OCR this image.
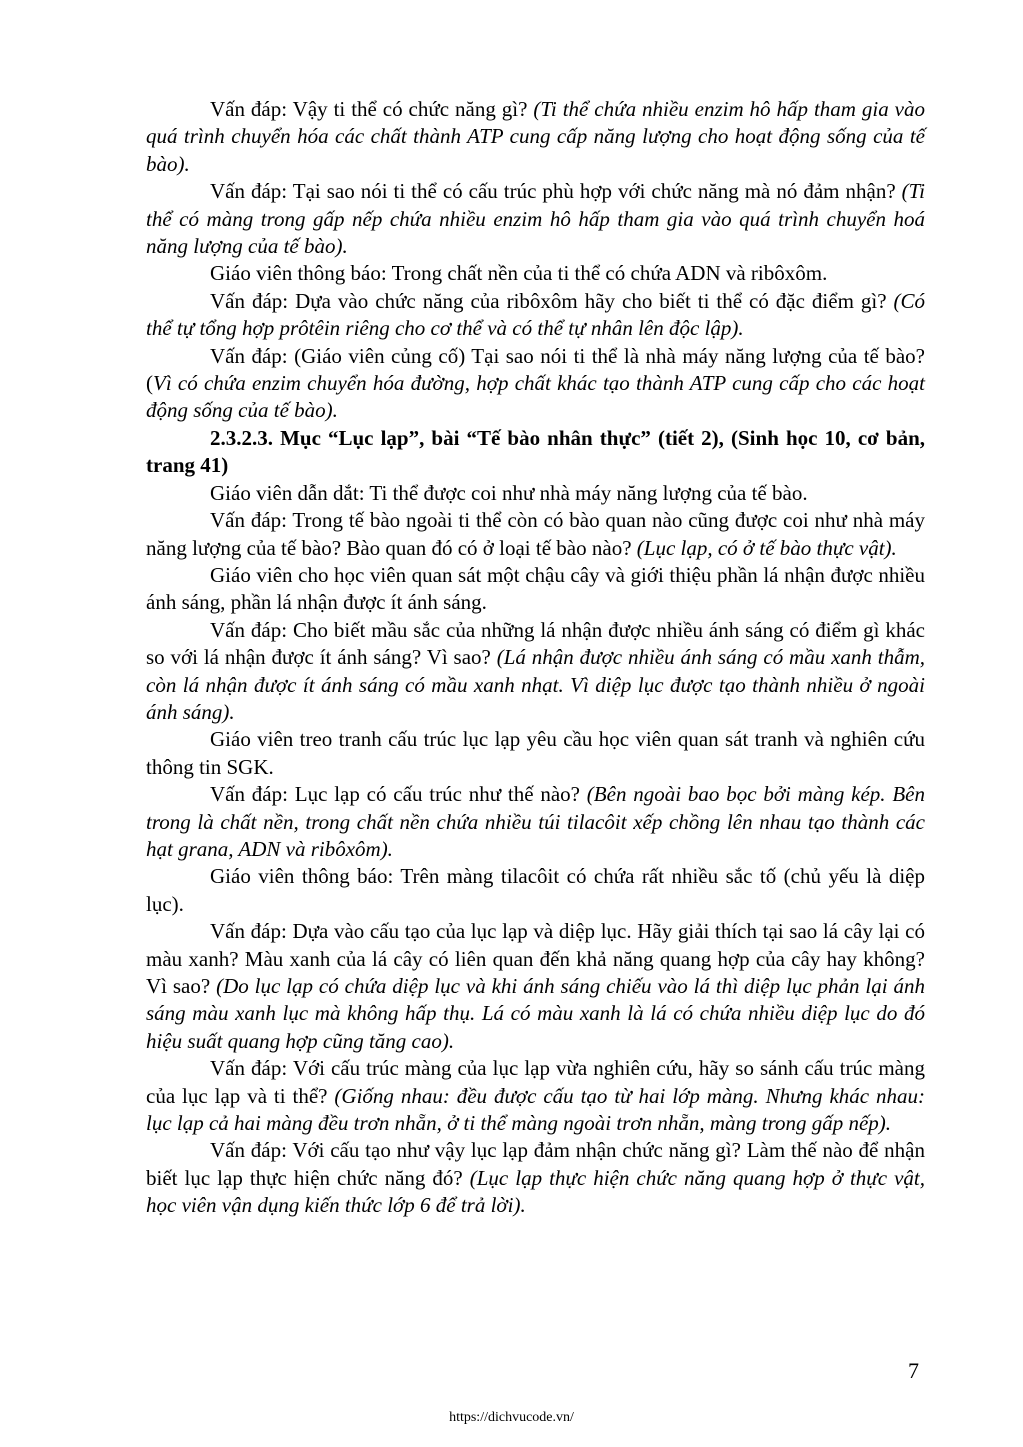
Vấn đáp: Vậy ti thể có chức năng gì? (Ti thể chứa nhiều enzim hô hấp tham gia vào quá trình chuyển hóa các chất thành ATP cung cấp năng lượng cho hoạt động sống của tế bào).

Vấn đáp: Tại sao nói ti thể có cấu trúc phù hợp với chức năng mà nó đảm nhận? (Ti thể có màng trong gấp nếp chứa nhiều enzim hô hấp tham gia vào quá trình chuyển hoá năng lượng của tế bào).

Giáo viên thông báo: Trong chất nền của ti thể có chứa ADN và ribôxôm.

Vấn đáp: Dựa vào chức năng của ribôxôm hãy cho biết ti thể có đặc điểm gì? (Có thể tự tổng hợp prôtêin riêng cho cơ thể và có thể tự nhân lên độc lập).

Vấn đáp: (Giáo viên củng cố) Tại sao nói ti thể là nhà máy năng lượng của tế bào? (Vì có chứa enzim chuyển hóa đường, hợp chất khác tạo thành ATP cung cấp cho các hoạt động sống của tế bào).

2.3.2.3. Mục “Lục lạp”, bài “Tế bào nhân thực” (tiết 2), (Sinh học 10, cơ bản, trang 41)

Giáo viên dẫn dắt: Ti thể được coi như nhà máy năng lượng của tế bào.

Vấn đáp: Trong tế bào ngoài ti thể còn có bào quan nào cũng được coi như nhà máy năng lượng của tế bào? Bào quan đó có ở loại tế bào nào? (Lục lạp, có ở tế bào thực vật).

Giáo viên cho học viên quan sát một chậu cây và giới thiệu phần lá nhận được nhiều ánh sáng, phần lá nhận được ít ánh sáng.

Vấn đáp: Cho biết mầu sắc của những lá nhận được nhiều ánh sáng có điểm gì khác so với lá nhận được ít ánh sáng? Vì sao? (Lá nhận được nhiều ánh sáng có mầu xanh thẫm, còn lá nhận được ít ánh sáng có mầu xanh nhạt. Vì diệp lục được tạo thành nhiều ở ngoài ánh sáng).

Giáo viên treo tranh cấu trúc lục lạp yêu cầu học viên quan sát tranh và nghiên cứu thông tin SGK.

Vấn đáp: Lục lạp có cấu trúc như thế nào? (Bên ngoài bao bọc bởi màng kép. Bên trong là chất nền, trong chất nền chứa nhiều túi tilacôit xếp chồng lên nhau tạo thành các hạt grana, ADN và ribôxôm).

Giáo viên thông báo: Trên màng tilacôit có chứa rất nhiều sắc tố (chủ yếu là diệp lục).

Vấn đáp: Dựa vào cấu tạo của lục lạp và diệp lục. Hãy giải thích tại sao lá cây lại có màu xanh? Màu xanh của lá cây có liên quan đến khả năng quang hợp của cây hay không? Vì sao? (Do lục lạp có chứa diệp lục và khi ánh sáng chiếu vào lá thì diệp lục phản lại ánh sáng màu xanh lục mà không hấp thụ. Lá có màu xanh là lá có chứa nhiều diệp lục do đó hiệu suất quang hợp cũng tăng cao).

Vấn đáp: Với cấu trúc màng của lục lạp vừa nghiên cứu, hãy so sánh cấu trúc màng của lục lạp và ti thể? (Giống nhau: đều được cấu tạo từ hai lớp màng. Nhưng khác nhau: lục lạp cả hai màng đều trơn nhẵn, ở ti thể màng ngoài trơn nhẵn, màng trong gấp nếp).

Vấn đáp: Với cấu tạo như vậy lục lạp đảm nhận chức năng gì? Làm thế nào để nhận biết lục lạp thực hiện chức năng đó? (Lục lạp thực hiện chức năng quang hợp ở thực vật, học viên vận dụng kiến thức lớp 6 để trả lời).

7
https://dichvucode.vn/
